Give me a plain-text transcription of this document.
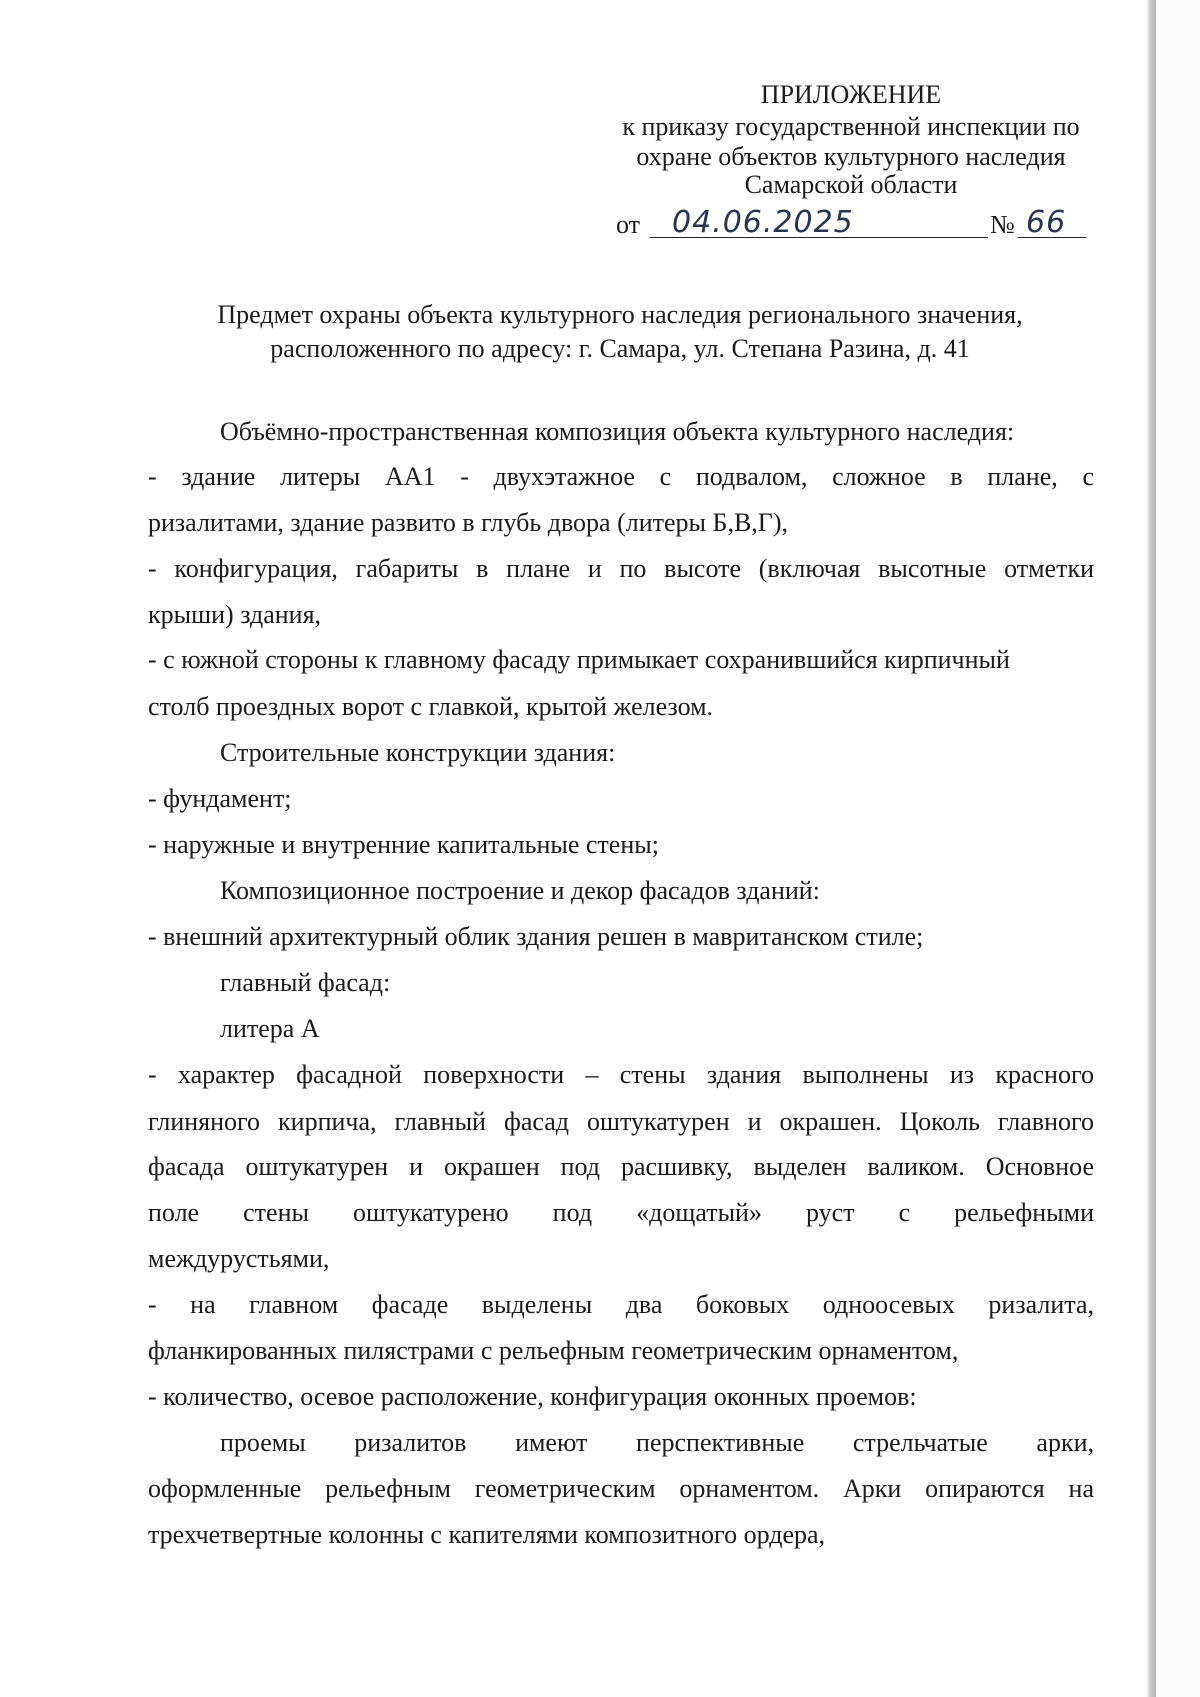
ПРИЛОЖЕНИЕ
к приказу государственной инспекции по
охране объектов культурного наследия
Самарской области
от 04.06.2025	№ 66
Предмет охраны объекта культурного наследия регионального значения,
расположенного по адресу: г. Самара, ул. Степана Разина, д. 41
Объёмно-пространственная композиция объекта культурного наследия:
- здание литеры АА1 - двухэтажное с подвалом, сложное в плане, с
ризалитами, здание развито в глубь двора (литеры Б,В,Г),
- конфигурация, габариты в плане и по высоте (включая высотные отметки
крыши) здания,
- с южной стороны к главному фасаду примыкает сохранившийся кирпичный
столб проездных ворот с главкой, крытой железом.
Строительные конструкции здания:
- фундамент;
- наружные и внутренние капитальные стены;
Композиционное построение и декор фасадов зданий:
- внешний архитектурный облик здания решен в мавританском стиле;
главный фасад:
литера А
- характер фасадной поверхности – стены здания выполнены из красного
глиняного кирпича, главный фасад оштукатурен и окрашен. Цоколь главного
фасада оштукатурен и окрашен под расшивку, выделен валиком. Основное
поле стены оштукатурено под «дощатый» руст с рельефными
междурустьями,
- на главном фасаде выделены два боковых одноосевых ризалита,
фланкированных пилястрами с рельефным геометрическим орнаментом,
- количество, осевое расположение, конфигурация оконных проемов:
проемы ризалитов имеют перспективные стрельчатые арки,
оформленные рельефным геометрическим орнаментом. Арки опираются на
трехчетвертные колонны с капителями композитного ордера,
